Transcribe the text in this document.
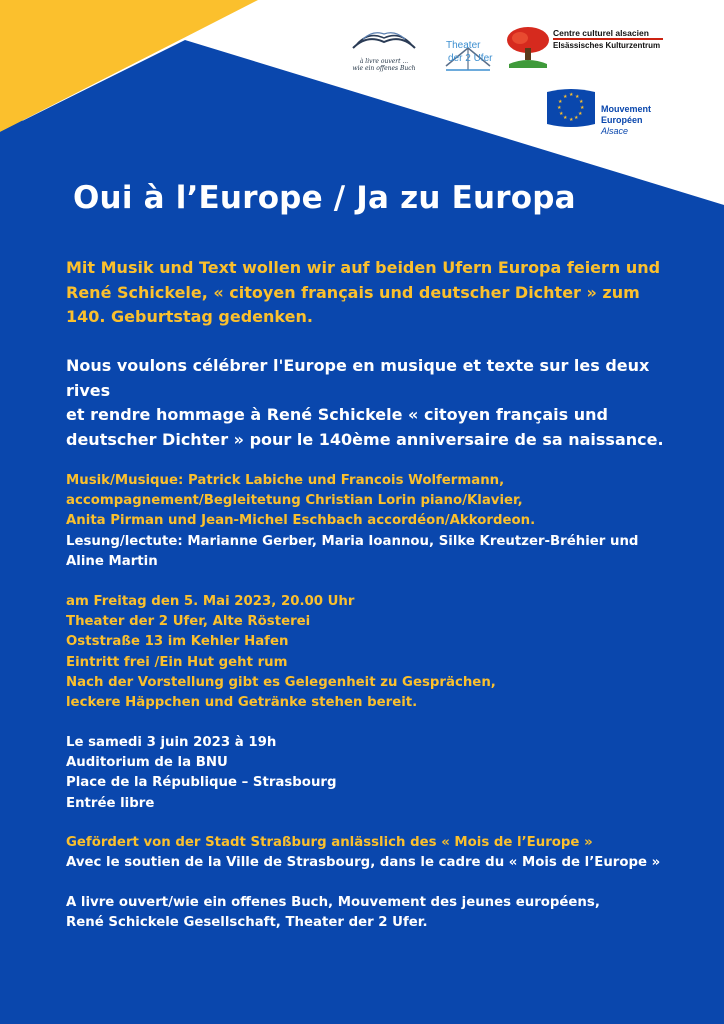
à livre ouvert ...
wie ein offenes Buch
Theater
der 2 Ufer
Centre culturel alsacien
Elsässisches Kulturzentrum
★ ★
★
★
★
★
★
★
★
★
★
★
Mouvement
Européen
Alsace
Oui à l’Europe / Ja zu Europa
Mit Musik und Text wollen wir auf beiden Ufern Europa feiern und
René Schickele, « citoyen français und deutscher Dichter » zum
140. Geburtstag gedenken.
Nous voulons célébrer l'Europe en musique et texte sur les deux
rives
et rendre hommage à René Schickele « citoyen français und
deutscher Dichter » pour le 140ème anniversaire de sa naissance.
Musik/Musique: Patrick Labiche und Francois Wolfermann,
accompagnement/Begleitetung Christian Lorin piano/Klavier,
Anita Pirman und Jean-Michel Eschbach accordéon/Akkordeon.
Lesung/lectute: Marianne Gerber, Maria Ioannou, Silke Kreutzer-Bréhier und
Aline Martin
am Freitag den 5. Mai 2023, 20.00 Uhr
Theater der 2 Ufer, Alte Rösterei
Oststraße 13 im Kehler Hafen
Eintritt frei /Ein Hut geht rum
Nach der Vorstellung gibt es Gelegenheit zu Gesprächen,
leckere Häppchen und Getränke stehen bereit.
Le samedi 3 juin 2023 à 19h
Auditorium de la BNU
Place de la République – Strasbourg
Entrée libre
Gefördert von der Stadt Straßburg anlässlich des « Mois de l’Europe »
Avec le soutien de la Ville de Strasbourg, dans le cadre du « Mois de l’Europe »
A livre ouvert/wie ein offenes Buch, Mouvement des jeunes européens,
René Schickele Gesellschaft, Theater der 2 Ufer.
